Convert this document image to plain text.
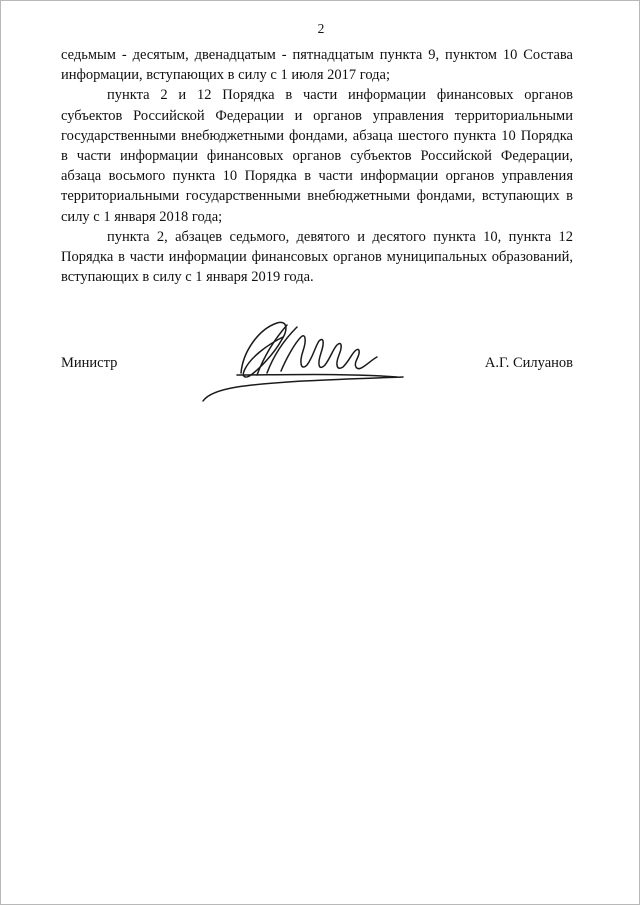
2

седьмым - десятым, двенадцатым - пятнадцатым пункта 9, пунктом 10 Состава информации, вступающих в силу с 1 июля 2017 года;

пункта 2 и 12 Порядка в части информации финансовых органов субъектов Российской Федерации и органов управления территориальными государственными внебюджетными фондами, абзаца шестого пункта 10 Порядка в части информации финансовых органов субъектов Российской Федерации, абзаца восьмого пункта 10 Порядка в части информации органов управления территориальными государственными внебюджетными фондами, вступающих в силу с 1 января 2018 года;

пункта 2, абзацев седьмого, девятого и десятого пункта 10, пункта 12 Порядка в части информации финансовых органов муниципальных образований, вступающих в силу с 1 января 2019 года.

Министр	А.Г. Силуанов
